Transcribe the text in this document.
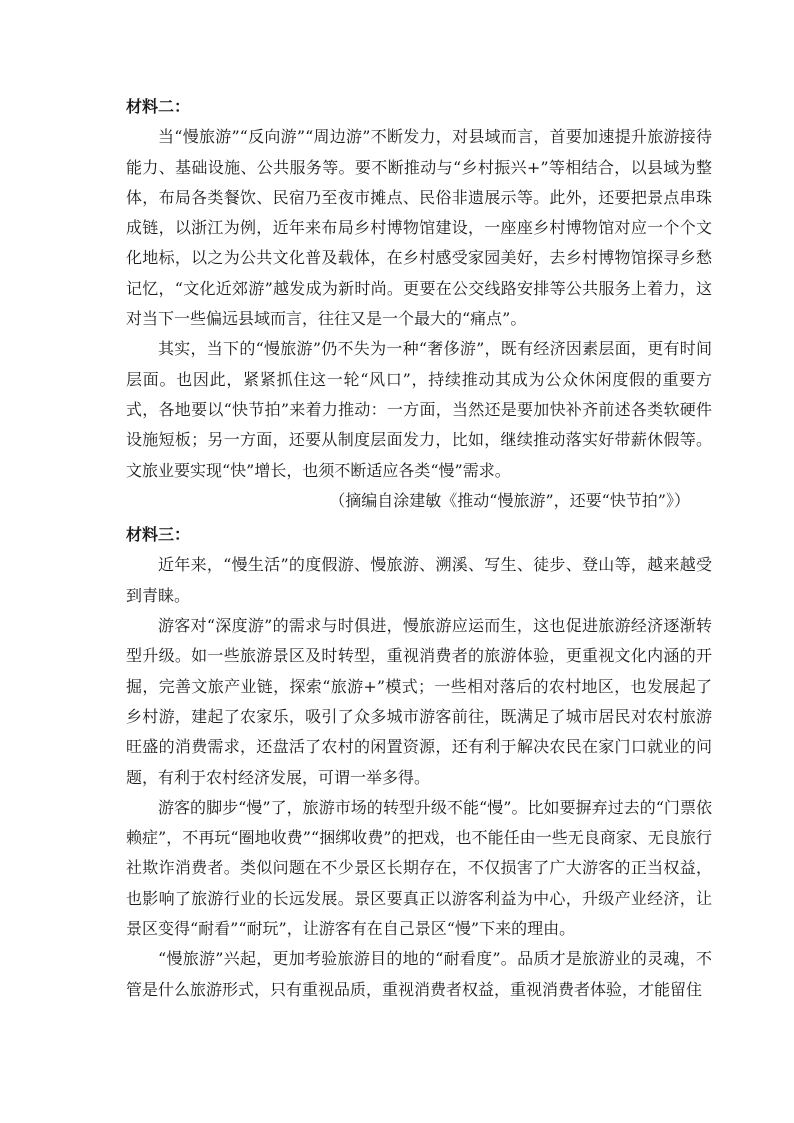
材料二：

当“慢旅游”“反向游”“周边游”不断发力，对县域而言，首要加速提升旅游接待能力、基础设施、公共服务等。要不断推动与“乡村振兴+”等相结合，以县域为整体，布局各类餐饮、民宿乃至夜市摊点、民俗非遗展示等。此外，还要把景点串珠成链，以浙江为例，近年来布局乡村博物馆建设，一座座乡村博物馆对应一个个文化地标，以之为公共文化普及载体，在乡村感受家园美好，去乡村博物馆探寻乡愁记忆，“文化近郊游”越发成为新时尚。更要在公交线路安排等公共服务上着力，这对当下一些偏远县域而言，往往又是一个最大的“痛点”。

其实，当下的“慢旅游”仍不失为一种“奢侈游”，既有经济因素层面，更有时间层面。也因此，紧紧抓住这一轮“风口”，持续推动其成为公众休闲度假的重要方式，各地要以“快节拍”来着力推动：一方面，当然还是要加快补齐前述各类软硬件设施短板；另一方面，还要从制度层面发力，比如，继续推动落实好带薪休假等。文旅业要实现“快”增长，也须不断适应各类“慢”需求。

（摘编自涂建敏《推动“慢旅游”，还要“快节拍”》）

材料三：

近年来，“慢生活”的度假游、慢旅游、溯溪、写生、徒步、登山等，越来越受到青睐。

游客对“深度游”的需求与时俱进，慢旅游应运而生，这也促进旅游经济逐渐转型升级。如一些旅游景区及时转型，重视消费者的旅游体验，更重视文化内涵的开掘，完善文旅产业链，探索“旅游+”模式；一些相对落后的农村地区，也发展起了乡村游，建起了农家乐，吸引了众多城市游客前往，既满足了城市居民对农村旅游旺盛的消费需求，还盘活了农村的闲置资源，还有利于解决农民在家门口就业的问题，有利于农村经济发展，可谓一举多得。

游客的脚步“慢”了，旅游市场的转型升级不能“慢”。比如要摒弃过去的“门票依赖症”，不再玩“圈地收费”“捆绑收费”的把戏，也不能任由一些无良商家、无良旅行社欺诈消费者。类似问题在不少景区长期存在，不仅损害了广大游客的正当权益，也影响了旅游行业的长远发展。景区要真正以游客利益为中心，升级产业经济，让景区变得“耐看”“耐玩”，让游客有在自己景区“慢”下来的理由。

“慢旅游”兴起，更加考验旅游目的地的“耐看度”。品质才是旅游业的灵魂，不管是什么旅游形式，只有重视品质，重视消费者权益，重视消费者体验，才能留住
